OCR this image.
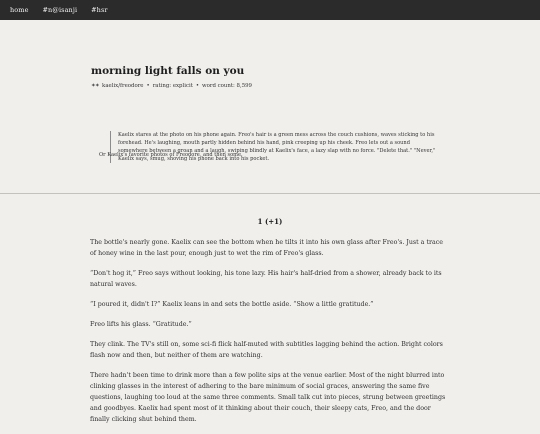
home #n@isanji #hsr
morning light falls on you
✶✶ kaelix/freodore • rating: explicit • word count: 8,599
Kaelix stares at the photo on his phone again. Freo's hair is a green mess across the couch cushions, waves sticking to his forehead. He's laughing, mouth partly hidden behind his hand, pink creeping up his cheek. Freo lets out a sound somewhere between a groan and a laugh, swiping blindly at Kaelix's face, a lazy slap with no force. "Delete that." "Never," Kaelix says, smug, shoving his phone back into his pocket.
Or Kaelix's favorite photos of Freodore, and then some.
1 (+1)

The bottle's nearly gone. Kaelix can see the bottom when he tilts it into his own glass after Freo's. Just a trace of honey wine in the last pour, enough just to wet the rim of Freo's glass.

“Don't hog it,” Freo says without looking, his tone lazy. His hair's half-dried from a shower, already back to its natural waves.

“I poured it, didn't I?” Kaelix leans in and sets the bottle aside. “Show a little gratitude.”

Freo lifts his glass. “Gratitude.”

They clink. The TV's still on, some sci-fi flick half-muted with subtitles lagging behind the action. Bright colors flash now and then, but neither of them are watching.

There hadn't been time to drink more than a few polite sips at the venue earlier. Most of the night blurred into clinking glasses in the interest of adhering to the bare minimum of social graces, answering the same five questions, laughing too loud at the same three comments. Small talk cut into pieces, strung between greetings and goodbyes. Kaelix had spent most of it thinking about their couch, their sleepy cats, Freo, and the door finally clicking shut behind them.
